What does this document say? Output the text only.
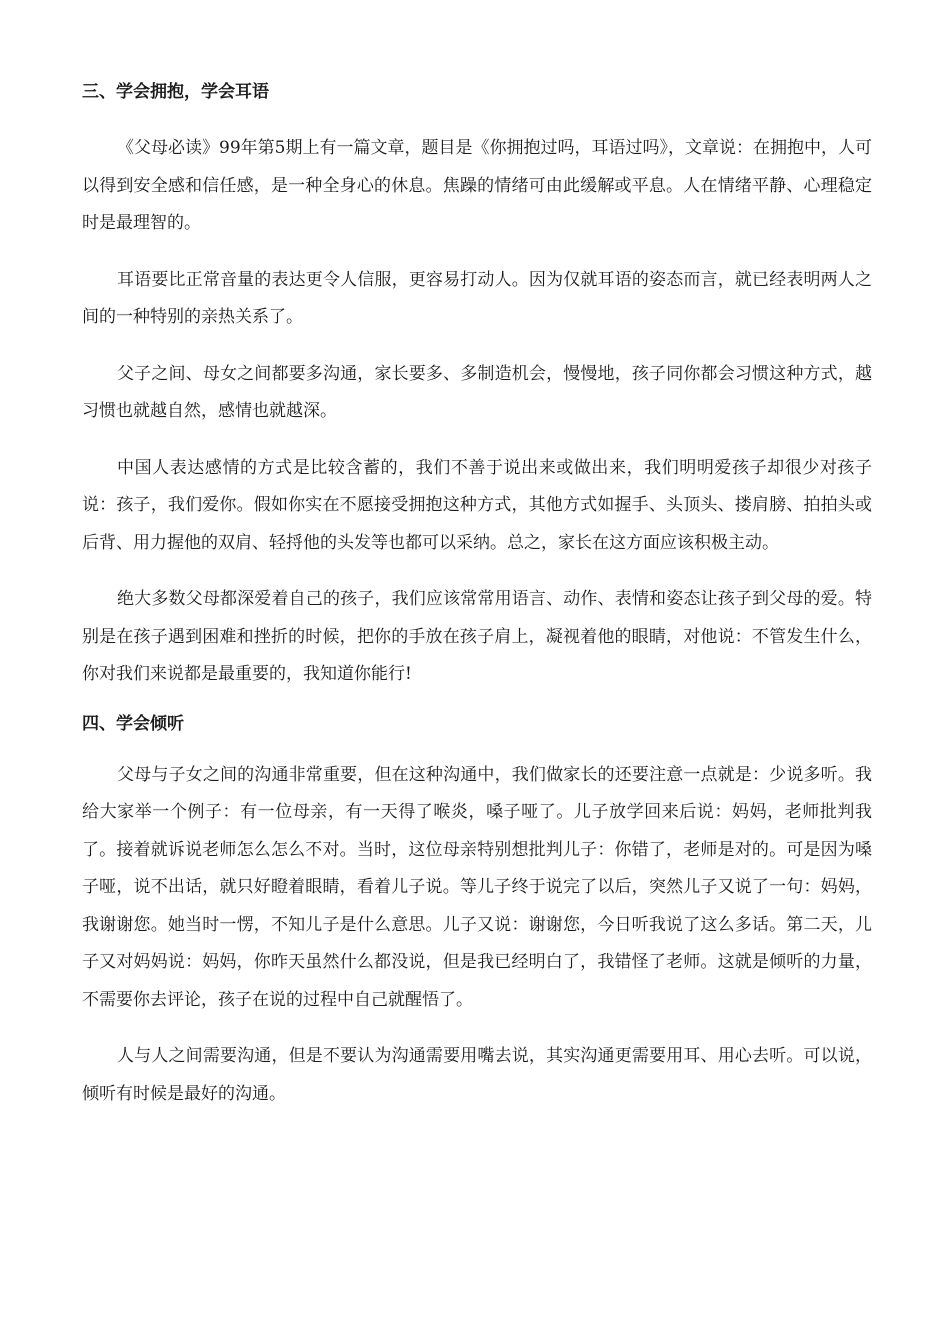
三、学会拥抱，学会耳语

《父母必读》99年第5期上有一篇文章，题目是《你拥抱过吗，耳语过吗》，文章说：在拥抱中，人可以得到安全感和信任感，是一种全身心的休息。焦躁的情绪可由此缓解或平息。人在情绪平静、心理稳定时是最理智的。

耳语要比正常音量的表达更令人信服，更容易打动人。因为仅就耳语的姿态而言，就已经表明两人之间的一种特别的亲热关系了。

父子之间、母女之间都要多沟通，家长要多、多制造机会，慢慢地，孩子同你都会习惯这种方式，越习惯也就越自然，感情也就越深。

中国人表达感情的方式是比较含蓄的，我们不善于说出来或做出来，我们明明爱孩子却很少对孩子说：孩子，我们爱你。假如你实在不愿接受拥抱这种方式，其他方式如握手、头顶头、搂肩膀、拍拍头或后背、用力握他的双肩、轻捋他的头发等也都可以采纳。总之，家长在这方面应该积极主动。

绝大多数父母都深爱着自己的孩子，我们应该常常用语言、动作、表情和姿态让孩子到父母的爱。特别是在孩子遇到困难和挫折的时候，把你的手放在孩子肩上，凝视着他的眼睛，对他说：不管发生什么，你对我们来说都是最重要的，我知道你能行!

四、学会倾听

父母与子女之间的沟通非常重要，但在这种沟通中，我们做家长的还要注意一点就是：少说多听。我给大家举一个例子：有一位母亲，有一天得了喉炎，嗓子哑了。儿子放学回来后说：妈妈，老师批判我了。接着就诉说老师怎么怎么不对。当时，这位母亲特别想批判儿子：你错了，老师是对的。可是因为嗓子哑，说不出话，就只好瞪着眼睛，看着儿子说。等儿子终于说完了以后，突然儿子又说了一句：妈妈，我谢谢您。她当时一愣，不知儿子是什么意思。儿子又说：谢谢您，今日听我说了这么多话。第二天，儿子又对妈妈说：妈妈，你昨天虽然什么都没说，但是我已经明白了，我错怪了老师。这就是倾听的力量，不需要你去评论，孩子在说的过程中自己就醒悟了。

人与人之间需要沟通，但是不要认为沟通需要用嘴去说，其实沟通更需要用耳、用心去听。可以说，倾听有时候是最好的沟通。
